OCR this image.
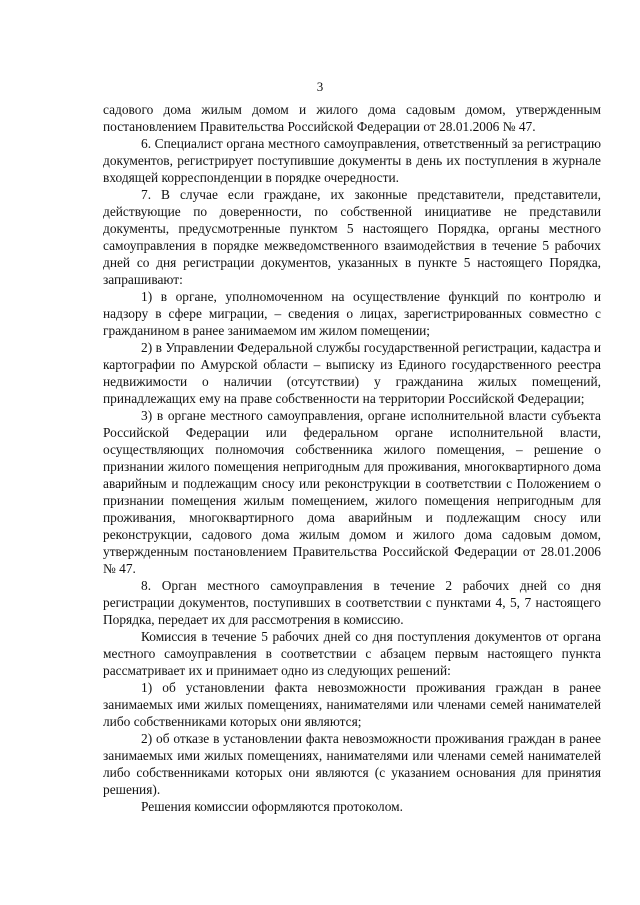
3

садового дома жилым домом и жилого дома садовым домом, утвержденным постановлением Правительства Российской Федерации от 28.01.2006 № 47.

6. Специалист органа местного самоуправления, ответственный за регистрацию документов, регистрирует поступившие документы в день их поступления в журнале входящей корреспонденции в порядке очередности.

7. В случае если граждане, их законные представители, представители, действующие по доверенности, по собственной инициативе не представили документы, предусмотренные пунктом 5 настоящего Порядка, органы местного самоуправления в порядке межведомственного взаимодействия в течение 5 рабочих дней со дня регистрации документов, указанных в пункте 5 настоящего Порядка, запрашивают:

1) в органе, уполномоченном на осуществление функций по контролю и надзору в сфере миграции, – сведения о лицах, зарегистрированных совместно с гражданином в ранее занимаемом им жилом помещении;

2) в Управлении Федеральной службы государственной регистрации, кадастра и картографии по Амурской области – выписку из Единого государственного реестра недвижимости о наличии (отсутствии) у гражданина жилых помещений, принадлежащих ему на праве собственности на территории Российской Федерации;

3) в органе местного самоуправления, органе исполнительной власти субъекта Российской Федерации или федеральном органе исполнительной власти, осуществляющих полномочия собственника жилого помещения, – решение о признании жилого помещения непригодным для проживания, многоквартирного дома аварийным и подлежащим сносу или реконструкции в соответствии с Положением о признании помещения жилым помещением, жилого помещения непригодным для проживания, многоквартирного дома аварийным и подлежащим сносу или реконструкции, садового дома жилым домом и жилого дома садовым домом, утвержденным постановлением Правительства Российской Федерации от 28.01.2006 № 47.

8. Орган местного самоуправления в течение 2 рабочих дней со дня регистрации документов, поступивших в соответствии с пунктами 4, 5, 7 настоящего Порядка, передает их для рассмотрения в комиссию.

Комиссия в течение 5 рабочих дней со дня поступления документов от органа местного самоуправления в соответствии с абзацем первым настоящего пункта рассматривает их и принимает одно из следующих решений:

1) об установлении факта невозможности проживания граждан в ранее занимаемых ими жилых помещениях, нанимателями или членами семей нанимателей либо собственниками которых они являются;

2) об отказе в установлении факта невозможности проживания граждан в ранее занимаемых ими жилых помещениях, нанимателями или членами семей нанимателей либо собственниками которых они являются (с указанием основания для принятия решения).

Решения комиссии оформляются протоколом.
